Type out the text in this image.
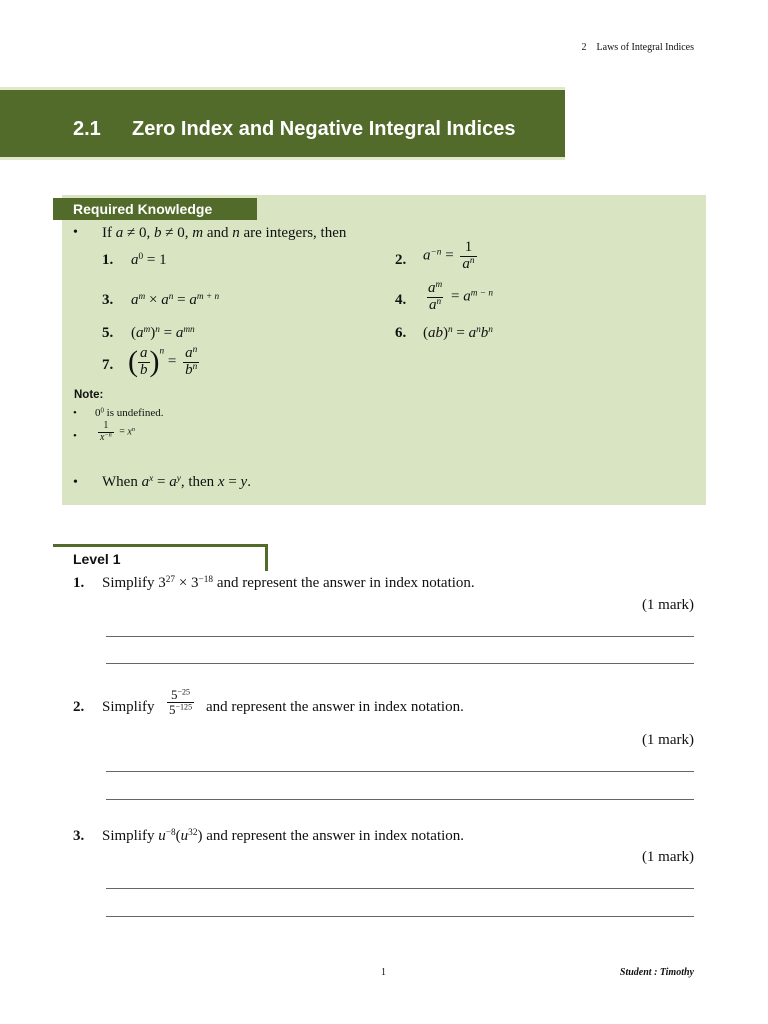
2 Laws of Integral Indices
2.1 Zero Index and Negative Integral Indices
Required Knowledge
• If a ≠ 0, b ≠ 0, m and n are integers, then
1. $a^0 = 1$	2. $a^{-n} = \frac{1}{a^n}$
3. $a^m \times a^n = a^{m + n}$	4. $\frac{a^m}{a^n} = a^{m - n}$
5. $(a^m)^n = a^{mn}$	6. $(ab)^n = a^nb^n$
7. ( $\frac{a}{b} )^n = \frac{a^n}{b^n}$
Note:
• $0^0$ is undefined.
• $\frac{1}{x^{-n}} = x^n$
• When $a^x = a^y$, then x = y.
Level 1
1. Simplify $3^{27} \times 3^{-18}$ and represent the answer in index notation.
(1 mark)
2. Simplify $\frac{5^{-25}}{5^{-125}}$ and represent the answer in index notation.
(1 mark)
3. Simplify $u^{-8}(u^{32})$ and represent the answer in index notation.
(1 mark)
1	Student : Timothy
